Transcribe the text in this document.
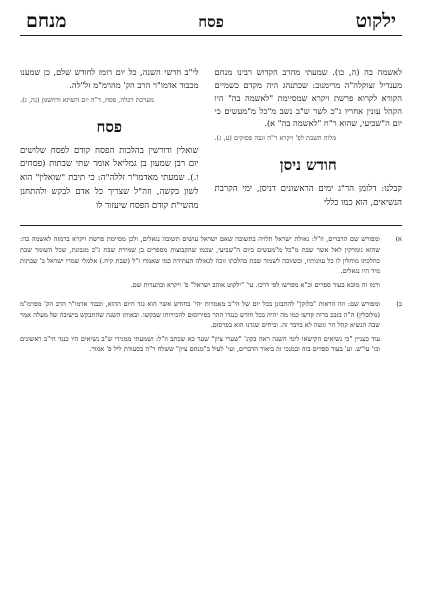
ילקוט
פסח
מנחם

לאשמה בה (ה, כו). שמעתי מהרב הקדוש רבינו מנחם מענדיל זצוקלה"ה מרימנוב: שכתנהג היה מקדם כשמיים הקורא לקרוא פרשת ויקרא שמסיימת "לאשמה בה" היו הקהל עונין אחריו ג"כ לשר ש"ב נשב מ"כל מ"מעשים כי יום ה"שביעי, שהוא ר"ח "לאשמה בה" א).

מלוה השבת לפ' ויקרא ד"ה וגבה פסוקים (ע, ג).
חודש ניסן

קבלנו: דלומן הר"ג ימים הראשונים דניסן, ימי הקרבת הנשיאים, הוא כמו כללי

לי"ב חדשי השנה, כל יום רומז לחודש שלם, כן שמענו מכבוד אדמו"ר הרב הק' מהרמ"מ זל"לה.

מערכת דכלה, פסח, ד"ה יום השתא ודחשמן (נה, ג).
פסח

שואלין ודורשין בהלכות הפסח קודם לפסח שלושים יום רבן שמעון בן גמליאל אומר שתי שבתות (פסחים ו.). שמעתי מאדמו"ר זללה"ה: כי תיבת "שואלין" הוא לשון בקשה, וזה"ל שצריך כל אדם לבקש ולהתחנן מהשי"ת קודם הפסח שיעזור לו

א)

ומפורש שם הדברים, וז"ל: גאולת ישראל תלויה בתשובה שאם ישראל עושים תשובה נגאלים, ולכן מסיימת פרשת ויקרא ברמזה לאשמה בה: שהוא גומרקין לאל אשר שבת מ"כל מ"מעשים ביום ה"שביעי, שכמו שהקבוצות מספרים בן שמירת שבת ג"כ מגבונת, שכל השומר שבת כהלכתו מוחלין לו כל עוונותיו, וכשזוכה לשמור שבת כהלכתו זוכה לגאולה העתידה כמו שאמרו ז"ל (שבת קיח.) אלמלי שמרו ישראל ב' שבתות מיד היו נגאלים.

ורמז זה מובא בעוד ספרים וכ"א מפרשו לפי דרכו. עי' "ילקוט אוהב ישראל" פ' ויקרא ובהערות שם.

ב)

ומפורש שם: וזה הראות "בלוקן" להתבונן בכל יום של הי"ב מאמרות יהי' בחודש אשר הוא נגד היום ההוא, וכבוד אדמו"ר הרב הק' מפרמ"מ (מלובלין) ה"ה בזבכ ברוח קדשו כמו מה יהיה בכל חודש כנגדו ההר כפירוסום להכירותו שבקשו. ובאותו השנה שהתבקש בישיבה של מעלה אמר שבה הנשיא קהל הר וגשה לא ברבר זה. וביחים שגדנו הוא בפרסום.

עוד כעניין "כי נשיאים הקישאו לימי השנה ראה בקונ' "שערי ציון" שער כא שכתב וז"ל: ושמעתי ממגידי ש"ב נשיאים היו כנגד הי"ב ראשונים וכו' עי"ש. וע' בעוד ספרים בזה ובמנכי זה ביאור הדברים, ועי' לעיל ב"מנחם ציון" ששלח ר"ה בסעודת ליל פ' אמור.
